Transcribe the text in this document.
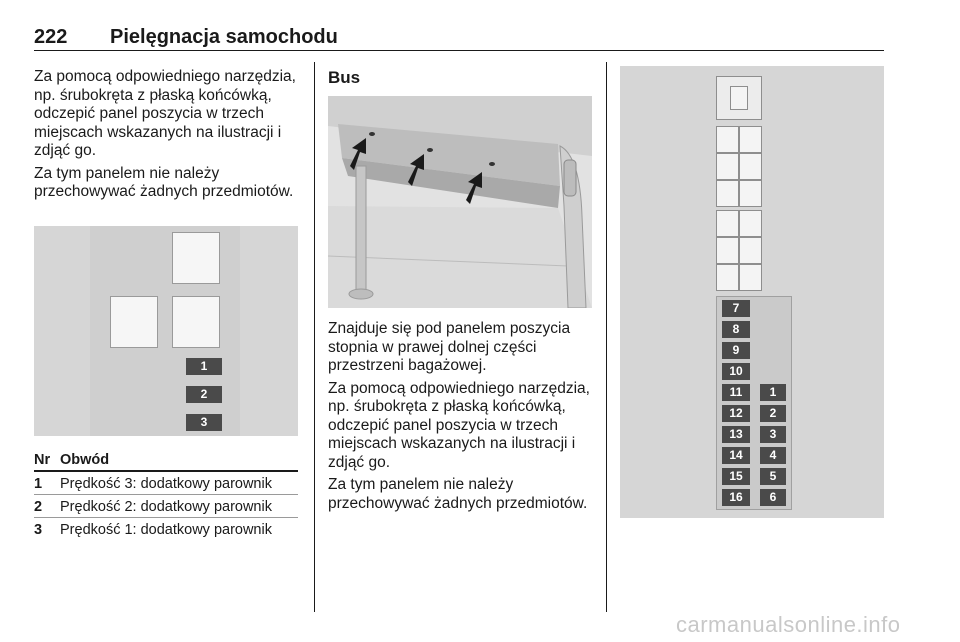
222 Pielęgnacja samochodu

Za pomocą odpowiedniego narzędzia, np. śrubokręta z płaską końcówką, odczepić panel poszycia w trzech miejscach wskazanych na ilustracji i zdjąć go.

Za tym panelem nie należy przechowywać żadnych przedmiotów.

1
2
3
Nr Obwód
1	Prędkość 3: dodatkowy parownik
2	Prędkość 2: dodatkowy parownik
3	Prędkość 1: dodatkowy parownik
Bus

Znajduje się pod panelem poszycia stopnia w prawej dolnej części przestrzeni bagażowej.

Za pomocą odpowiedniego narzędzia, np. śrubokręta z płaską końcówką, odczepić panel poszycia w trzech miejscach wskazanych na ilustracji i zdjąć go.

Za tym panelem nie należy przechowywać żadnych przedmiotów.

7
8
9
10
11
12
13
14
15
16
1
2
3
4
5
6
carmanualsonline.info
